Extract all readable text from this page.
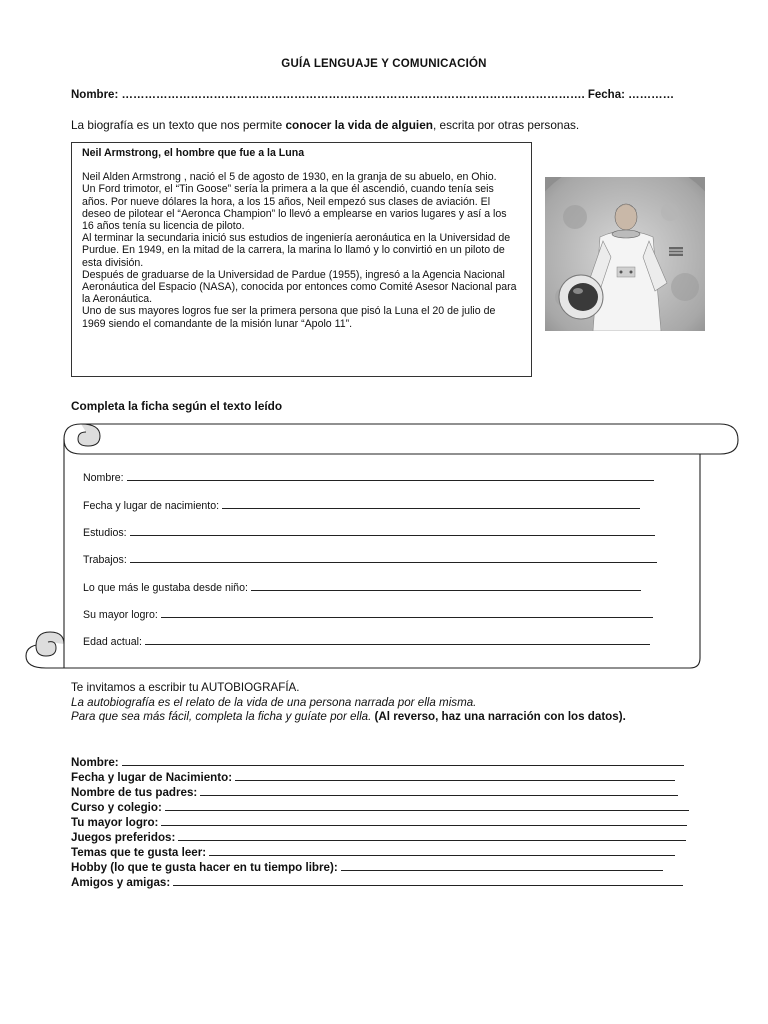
GUÍA LENGUAJE Y COMUNICACIÓN
Nombre: …………………………………………………………………………………………………………. Fecha: …………
La biografía es un texto que nos permite conocer la vida de alguien, escrita por otras personas.
Neil Armstrong, el hombre que fue a la Luna

Neil Alden Armstrong , nació el 5 de agosto de 1930, en la granja de su abuelo, en Ohio.

Un Ford trimotor, el “Tin Goose” sería la primera a la que él ascendió, cuando tenía seis años. Por nueve dólares la hora, a los 15 años, Neil empezó sus clases de aviación. El deseo de pilotear el “Aeronca Champion” lo llevó a emplearse en varios lugares y así a los 16 años tenía su licencia de piloto.

Al terminar la secundaria inició sus estudios de ingeniería aeronáutica en la Universidad de Purdue. En 1949, en la mitad de la carrera, la marina lo llamó y lo convirtió en un piloto de esta división.

Después de graduarse de la Universidad de Pardue (1955), ingresó a la Agencia Nacional Aeronáutica del Espacio (NASA), conocida por entonces como Comité Asesor Nacional para la Aeronáutica.

Uno de sus mayores logros fue ser la primera persona que pisó la Luna el 20 de julio de 1969 siendo el comandante de la misión lunar “Apolo 11”.

Completa la ficha según el texto leído
Nombre:
Fecha y lugar de nacimiento:
Estudios:
Trabajos:
Lo que más le gustaba desde niño:
Su mayor logro:
Edad actual:
Te invitamos a escribir tu AUTOBIOGRAFÍA.
La autobiografía es el relato de la vida de una persona narrada por ella misma.
Para que sea más fácil, completa la ficha y guíate por ella. (Al reverso, haz una narración con los datos).
Nombre:
Fecha y lugar de Nacimiento:
Nombre de tus padres:
Curso y colegio:
Tu mayor logro:
Juegos preferidos:
Temas que te gusta leer:
Hobby (lo que te gusta hacer en tu tiempo libre):
Amigos y amigas:
